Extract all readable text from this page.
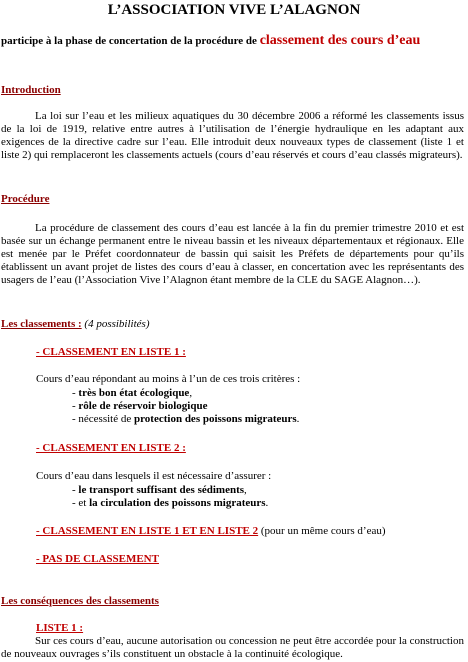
L’ASSOCIATION VIVE L’ALAGNON
participe à la phase de concertation de la procédure de classement des cours d’eau
Introduction
La loi sur l’eau et les milieux aquatiques du 30 décembre 2006 a réformé les classements issus de la loi de 1919, relative entre autres à l’utilisation de l’énergie hydraulique en les adaptant aux exigences de la directive cadre sur l’eau. Elle introduit deux nouveaux types de classement (liste 1 et liste 2) qui remplaceront les classements actuels (cours d’eau réservés et cours d’eau classés migrateurs).
Procédure
La procédure de classement des cours d’eau est lancée à la fin du premier trimestre 2010 et est basée sur un échange permanent entre le niveau bassin et les niveaux départementaux et régionaux. Elle est menée par le Préfet coordonnateur de bassin qui saisit les Préfets de départements pour qu’ils établissent un avant projet de listes des cours d’eau à classer, en concertation avec les représentants des usagers de l’eau (l’Association Vive l’Alagnon étant membre de la CLE du SAGE Alagnon…).
Les classements : (4 possibilités)
- CLASSEMENT EN LISTE 1 :
Cours d’eau répondant au moins à l’un de ces trois critères :
- très bon état écologique,
- rôle de réservoir biologique
- nécessité de protection des poissons migrateurs.
- CLASSEMENT EN LISTE 2 :
Cours d’eau dans lesquels il est nécessaire d’assurer :
- le transport suffisant des sédiments,
- et la circulation des poissons migrateurs.
- CLASSEMENT EN LISTE 1 ET EN LISTE 2 (pour un même cours d’eau)
- PAS DE CLASSEMENT
Les conséquences des classements
LISTE 1 :
Sur ces cours d’eau, aucune autorisation ou concession ne peut être accordée pour la construction de nouveaux ouvrages s’ils constituent un obstacle à la continuité écologique.
